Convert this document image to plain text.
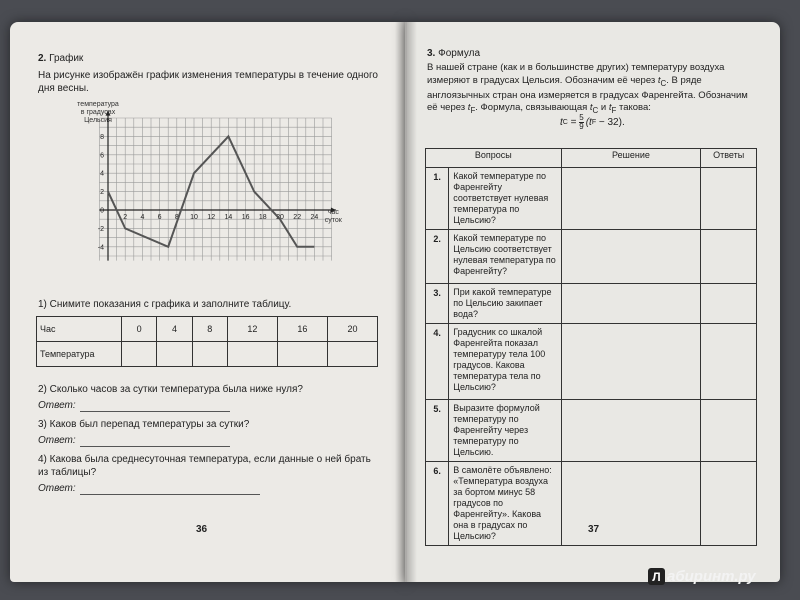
2. График
На рисунке изображён график изменения температуры в течение одного дня весны.
8
6
4
2
0
-2
-4
2 4 6 8 10 12 14 16 18 20 22 24
температура
в градусах
Цельсия
час
суток
1) Снимите показания с графика и заполните таблицу.
Час	0	4	8	12	16	20
Температура						
2) Сколько часов за сутки температура была ниже нуля?
Ответ:
3) Каков был перепад температуры за сутки?
Ответ:
4) Какова была среднесуточная температура, если данные о ней брать из таблицы?
Ответ:
36
3. Формула
В нашей стране (как и в большинстве других) температуру воздуха измеряют в градусах Цельсия. Обозначим её через $t_C$. В ряде англоязычных стран она измеряется в градусах Фаренгейта. Обозначим её через $t_F$. Формула, связывающая $t_C$ и $t_F$ такова:
t $C = \frac{5}{9} (t$ F − 32).
Вопросы		Решение	Ответы
1.	Какой температуре по Фаренгейту соответствует нулевая температура по Цельсию?		
2.	Какой температуре по Цельсию соответствует нулевая температура по Фаренгейту?		
3.	При какой температуре по Цельсию закипает вода?		
4.	Градусник со шкалой Фаренгейта показал температуру тела 100 градусов. Какова температура тела по Цельсию?		
5.	Выразите формулой температуру по Фаренгейту через температуру по Цельсию.		
6.	В самолёте объявлено: «Температура воздуха за бортом минус 58 градусов по Фаренгейту». Какова она в градусах по Цельсию?		
37
Л абиринт.ру
